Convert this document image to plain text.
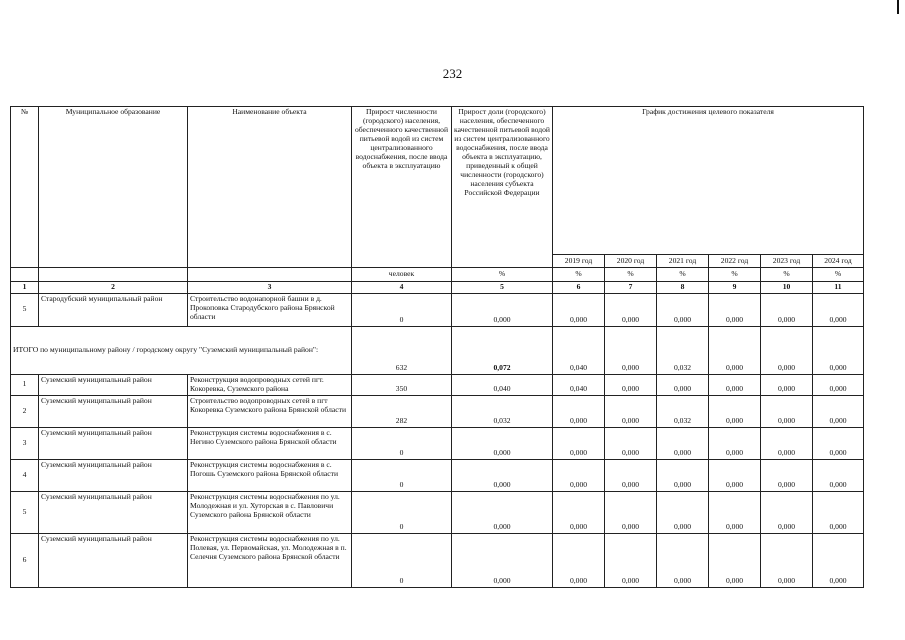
232
№	Муниципальное образование	Наименование объекта	Прирост численности (городского) населения, обеспеченного качественной питьевой водой из систем централизованного водоснабжения, после ввода объекта в эксплуатацию	Прирост доли (городского) населения, обеспеченного качественной питьевой водой из систем централизованного водоснабжения, после ввода объекта в эксплуатацию, приведенный к общей численности (городского) населения субъекта Российской Федерации	График достижения целевого показателя					
					2019 год	2020 год	2021 год	2022 год	2023 год	2024 год
			человек	%	%	%	%	%	%	%
1	2	3	4	5	6	7	8	9	10	11
5	Стародубский муниципальный район	Строительство водонапорной башни в д. Прокоповка Стародубского района Брянской области	0	0,000	0,000	0,000	0,000	0,000	0,000	0,000
ИТОГО по муниципальному району / городскому округу "Суземский муниципальный район":			632	0,072	0,040	0,000	0,032	0,000	0,000	0,000
1	Суземский муниципальный район	Реконструкция водопроводных сетей пгт. Кокоревка, Суземского района	350	0,040	0,040	0,000	0,000	0,000	0,000	0,000
2	Суземский муниципальный район	Строительство водопроводных сетей в пгт Кокоревка Суземского района Брянской области	282	0,032	0,000	0,000	0,032	0,000	0,000	0,000
3	Суземский муниципальный район	Реконструкция системы водоснабжения в с. Негино Суземского района Брянской области	0	0,000	0,000	0,000	0,000	0,000	0,000	0,000
4	Суземский муниципальный район	Реконструкция системы водоснабжения в с. Погошь Суземского района Брянской области	0	0,000	0,000	0,000	0,000	0,000	0,000	0,000
5	Суземский муниципальный район	Реконструкция системы водоснабжения по ул. Молодежная и ул. Хуторская в с. Павловичи Суземского района Брянской области	0	0,000	0,000	0,000	0,000	0,000	0,000	0,000
6	Суземский муниципальный район	Реконструкция системы водоснабжения по ул. Полевая, ул. Первомайская, ул. Молодежная в п. Селечня Суземского района Брянской области	0	0,000	0,000	0,000	0,000	0,000	0,000	0,000
